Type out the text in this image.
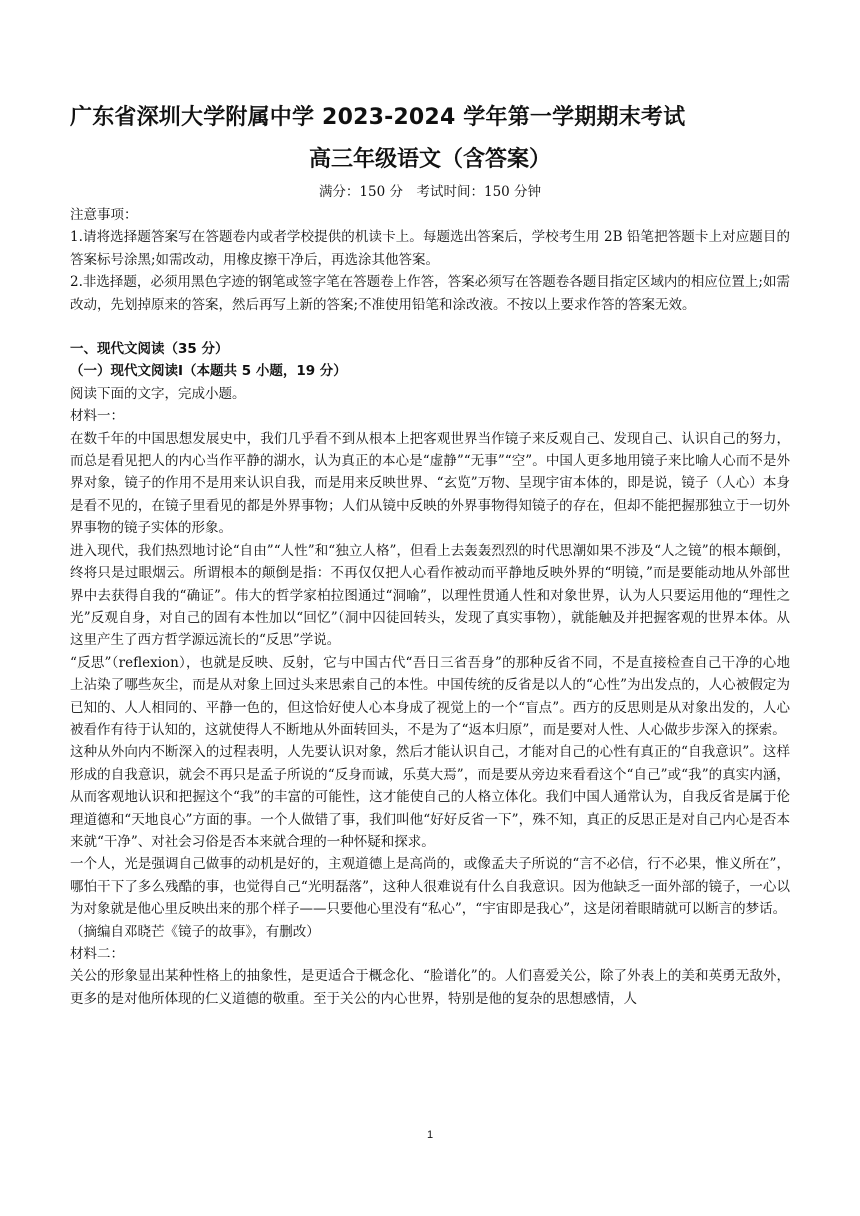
广东省深圳大学附属中学 2023-2024 学年第一学期期末考试

高三年级语文（含答案）

满分：150 分　考试时间：150 分钟

注意事项：

1.请将选择题答案写在答题卷内或者学校提供的机读卡上。每题选出答案后，学校考生用 2B 铅笔把答题卡上对应题目的答案标号涂黑;如需改动，用橡皮擦干净后，再选涂其他答案。

2.非选择题，必须用黑色字迹的钢笔或签字笔在答题卷上作答，答案必须写在答题卷各题目指定区域内的相应位置上;如需改动，先划掉原来的答案，然后再写上新的答案;不准使用铅笔和涂改液。不按以上要求作答的答案无效。

一、现代文阅读（35 分）

（一）现代文阅读Ⅰ（本题共 5 小题，19 分）

阅读下面的文字，完成小题。

材料一：

在数千年的中国思想发展史中，我们几乎看不到从根本上把客观世界当作镜子来反观自己、发现自己、认识自己的努力，而总是看见把人的内心当作平静的湖水，认为真正的本心是“虚静”“无事”“空”。中国人更多地用镜子来比喻人心而不是外界对象，镜子的作用不是用来认识自我，而是用来反映世界、“玄览”万物、呈现宇宙本体的，即是说，镜子（人心）本身是看不见的，在镜子里看见的都是外界事物；人们从镜中反映的外界事物得知镜子的存在，但却不能把握那独立于一切外界事物的镜子实体的形象。

进入现代，我们热烈地讨论“自由”“人性”和“独立人格”，但看上去轰轰烈烈的时代思潮如果不涉及“人之镜”的根本颠倒，终将只是过眼烟云。所谓根本的颠倒是指：不再仅仅把人心看作被动而平静地反映外界的“明镜，”而是要能动地从外部世界中去获得自我的“确证”。伟大的哲学家柏拉图通过“洞喻”，以理性贯通人性和对象世界，认为人只要运用他的“理性之光”反观自身，对自己的固有本性加以“回忆”（洞中囚徒回转头，发现了真实事物），就能触及并把握客观的世界本体。从这里产生了西方哲学源远流长的“反思”学说。

“反思”（reflexion），也就是反映、反射，它与中国古代“吾日三省吾身”的那种反省不同，不是直接检查自己干净的心地上沾染了哪些灰尘，而是从对象上回过头来思索自己的本性。中国传统的反省是以人的“心性”为出发点的，人心被假定为已知的、人人相同的、平静一色的，但这恰好使人心本身成了视觉上的一个“盲点”。西方的反思则是从对象出发的，人心被看作有待于认知的，这就使得人不断地从外面转回头，不是为了“返本归原”，而是要对人性、人心做步步深入的探索。

这种从外向内不断深入的过程表明，人先要认识对象，然后才能认识自己，才能对自己的心性有真正的“自我意识”。这样形成的自我意识，就会不再只是孟子所说的“反身而诚，乐莫大焉”，而是要从旁边来看看这个“自己”或“我”的真实内涵，从而客观地认识和把握这个“我”的丰富的可能性，这才能使自己的人格立体化。我们中国人通常认为，自我反省是属于伦理道德和“天地良心”方面的事。一个人做错了事，我们叫他“好好反省一下”，殊不知，真正的反思正是对自己内心是否本来就“干净”、对社会习俗是否本来就合理的一种怀疑和探求。

一个人，光是强调自己做事的动机是好的，主观道德上是高尚的，或像孟夫子所说的“言不必信，行不必果，惟义所在”，哪怕干下了多么残酷的事，也觉得自己“光明磊落”，这种人很难说有什么自我意识。因为他缺乏一面外部的镜子，一心以为对象就是他心里反映出来的那个样子——只要他心里没有“私心”，“宇宙即是我心”，这是闭着眼睛就可以断言的梦话。

（摘编自邓晓芒《镜子的故事》，有删改）

材料二：

关公的形象显出某种性格上的抽象性，是更适合于概念化、“脸谱化”的。人们喜爱关公，除了外表上的美和英勇无敌外，更多的是对他所体现的仁义道德的敬重。至于关公的内心世界，特别是他的复杂的思想感情，人

1
